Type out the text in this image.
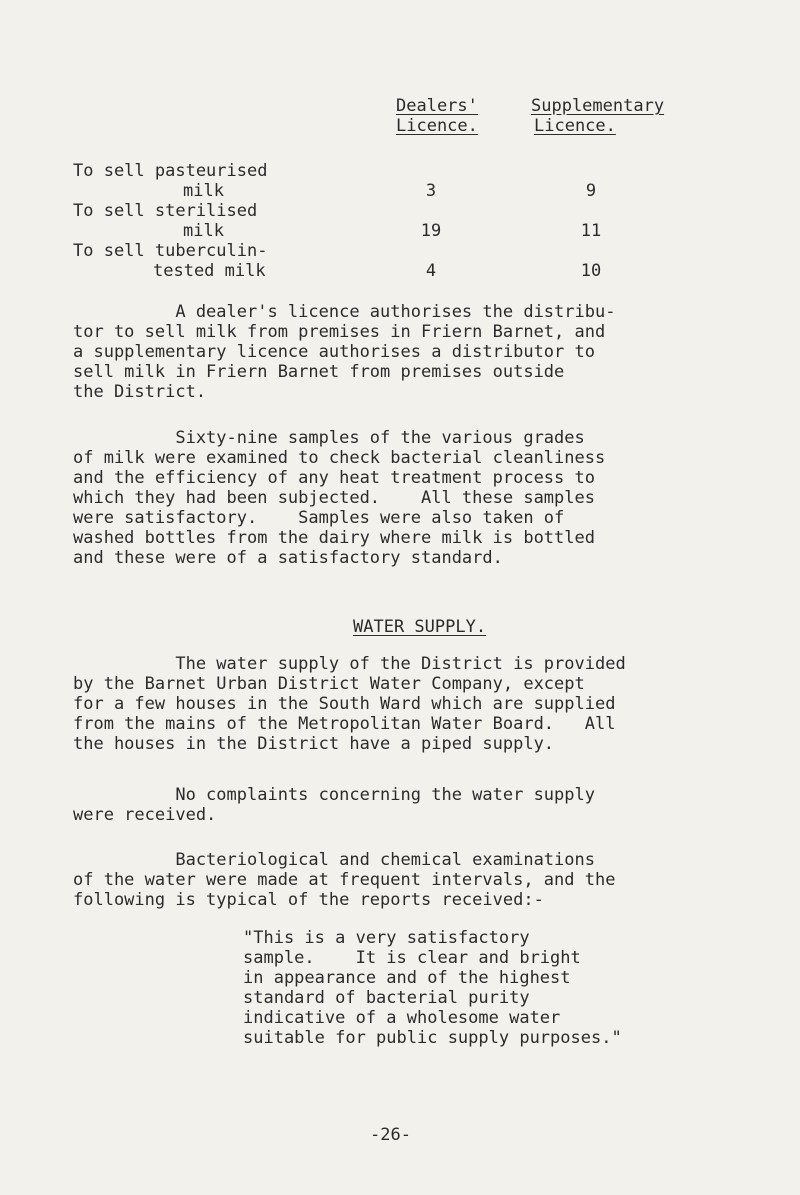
Dealers'
Licence.
Supplementary
Licence.
To sell pasteurised
milk	3	9
To sell sterilised
milk	19	11
To sell tuberculin-
tested milk	4	10
A dealer's licence authorises the distribu-
tor to sell milk from premises in Friern Barnet, and
a supplementary licence authorises a distributor to
sell milk in Friern Barnet from premises outside
the District.
Sixty-nine samples of the various grades
of milk were examined to check bacterial cleanliness
and the efficiency of any heat treatment process to
which they had been subjected.    All these samples
were satisfactory.    Samples were also taken of
washed bottles from the dairy where milk is bottled
and these were of a satisfactory standard.
WATER SUPPLY.
The water supply of the District is provided
by the Barnet Urban District Water Company, except
for a few houses in the South Ward which are supplied
from the mains of the Metropolitan Water Board.   All
the houses in the District have a piped supply.
No complaints concerning the water supply
were received.
Bacteriological and chemical examinations
of the water were made at frequent intervals, and the
following is typical of the reports received:-
"This is a very satisfactory
sample.    It is clear and bright
in appearance and of the highest
standard of bacterial purity
indicative of a wholesome water
suitable for public supply purposes."
-26-
